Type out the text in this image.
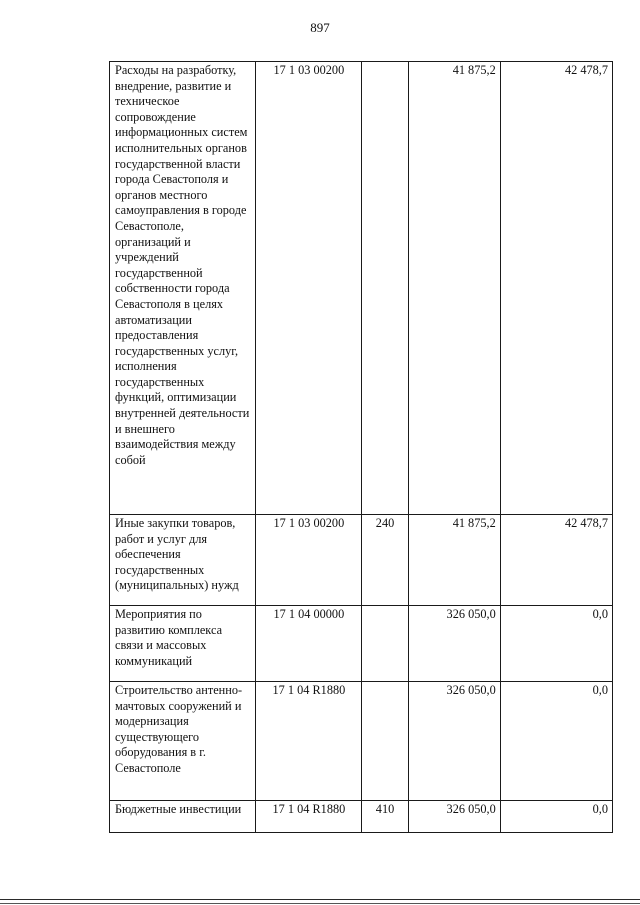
897
Расходы на разработку, внедрение, развитие и техническое сопровождение информационных систем исполнительных органов государственной власти города Севастополя и органов местного самоуправления в городе Севастополе, организаций и учреждений государственной собственности города Севастополя в целях автоматизации предоставления государственных услуг, исполнения государственных функций, оптимизации внутренней деятельности и внешнего взаимодействия между собой	17 1 03 00200		41 875,2	42 478,7
Иные закупки товаров, работ и услуг для обеспечения государственных (муниципальных) нужд	17 1 03 00200	240	41 875,2	42 478,7
Мероприятия по развитию комплекса связи и массовых коммуникаций	17 1 04 00000		326 050,0	0,0
Строительство антенно-мачтовых сооружений и модернизация существующего оборудования в г. Севастополе	17 1 04 R1880		326 050,0	0,0
Бюджетные инвестиции	17 1 04 R1880	410	326 050,0	0,0
